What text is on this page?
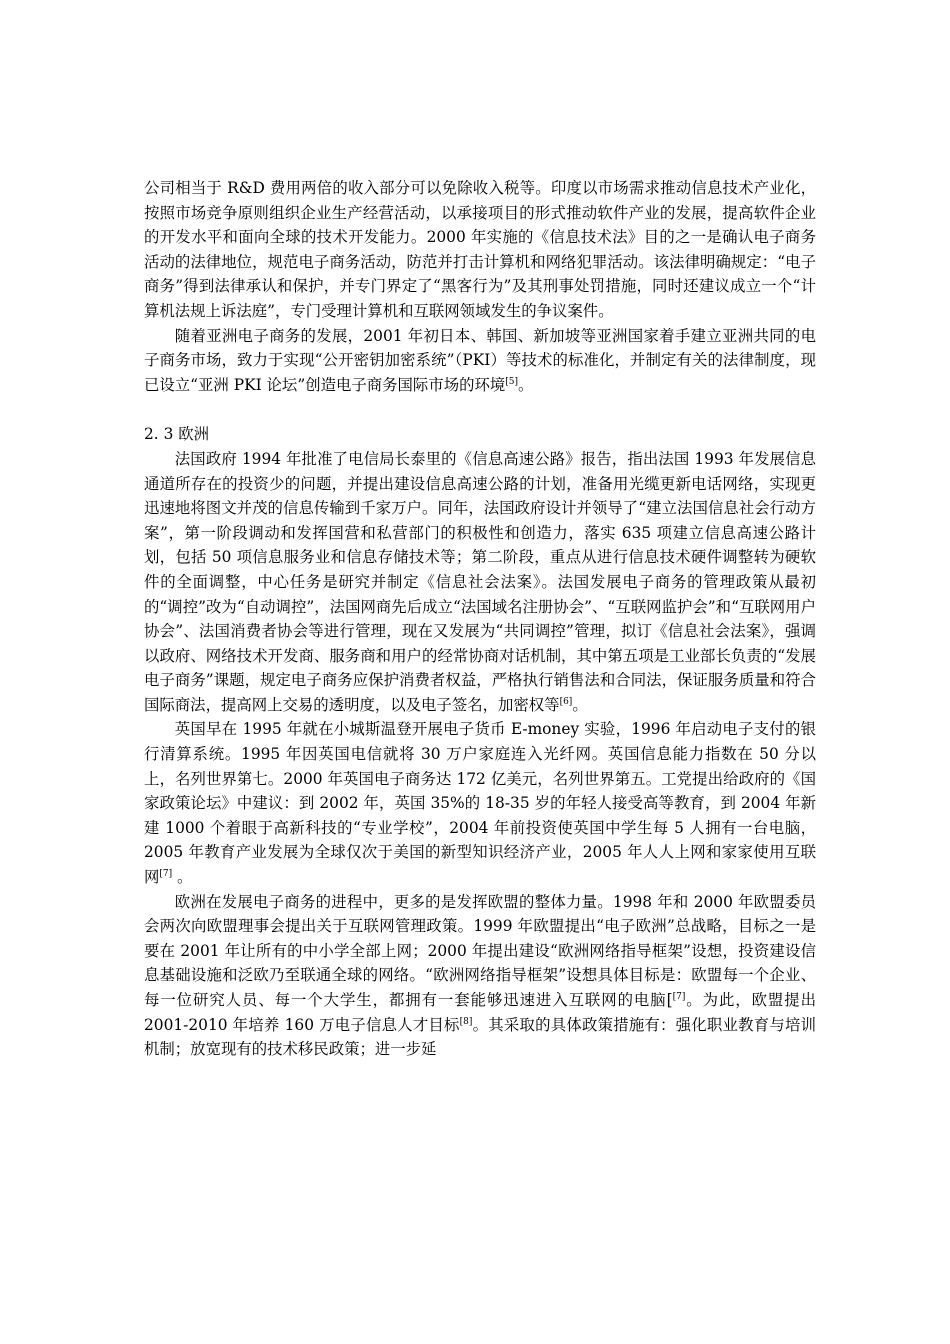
公司相当于 R&D 费用两倍的收入部分可以免除收入税等。印度以市场需求推动信息技术产业化，按照市场竞争原则组织企业生产经营活动，以承接项目的形式推动软件产业的发展，提高软件企业的开发水平和面向全球的技术开发能力。2000 年实施的《信息技术法》目的之一是确认电子商务活动的法律地位，规范电子商务活动，防范并打击计算机和网络犯罪活动。该法律明确规定：“电子商务”得到法律承认和保护，并专门界定了“黑客行为”及其刑事处罚措施，同时还建议成立一个“计算机法规上诉法庭”，专门受理计算机和互联网领域发生的争议案件。

随着亚洲电子商务的发展，2001 年初日本、韩国、新加坡等亚洲国家着手建立亚洲共同的电子商务市场，致力于实现“公开密钥加密系统”（PKI）等技术的标准化，并制定有关的法律制度，现已设立“亚洲 PKI 论坛”创造电子商务国际市场的环境[5]。

2. 3 欧洲

法国政府 1994 年批准了电信局长泰里的《信息高速公路》报告，指出法国 1993 年发展信息通道所存在的投资少的问题，并提出建设信息高速公路的计划，准备用光缆更新电话网络，实现更迅速地将图文并茂的信息传输到千家万户。同年，法国政府设计并领导了“建立法国信息社会行动方案”，第一阶段调动和发挥国营和私营部门的积极性和创造力，落实 635 项建立信息高速公路计划，包括 50 项信息服务业和信息存储技术等；第二阶段，重点从进行信息技术硬件调整转为硬软件的全面调整，中心任务是研究并制定《信息社会法案》。法国发展电子商务的管理政策从最初的“调控”改为“自动调控”，法国网商先后成立“法国域名注册协会”、“互联网监护会”和“互联网用户协会”、法国消费者协会等进行管理，现在又发展为“共同调控”管理，拟订《信息社会法案》，强调以政府、网络技术开发商、服务商和用户的经常协商对话机制，其中第五项是工业部长负责的“发展电子商务”课题，规定电子商务应保护消费者权益，严格执行销售法和合同法，保证服务质量和符合国际商法，提高网上交易的透明度，以及电子签名，加密权等[6]。

英国早在 1995 年就在小城斯温登开展电子货币 E-money 实验，1996 年启动电子支付的银行清算系统。1995 年因英国电信就将 30 万户家庭连入光纤网。英国信息能力指数在 50 分以上，名列世界第七。2000 年英国电子商务达 172 亿美元，名列世界第五。工党提出给政府的《国家政策论坛》中建议：到 2002 年，英国 35%的 18-35 岁的年轻人接受高等教育，到 2004 年新建 1000 个着眼于高新科技的“专业学校”，2004 年前投资使英国中学生每 5 人拥有一台电脑，2005 年教育产业发展为全球仅次于美国的新型知识经济产业，2005 年人人上网和家家使用互联网[7] 。

欧洲在发展电子商务的进程中，更多的是发挥欧盟的整体力量。1998 年和 2000 年欧盟委员会两次向欧盟理事会提出关于互联网管理政策。1999 年欧盟提出“电子欧洲”总战略，目标之一是要在 2001 年让所有的中小学全部上网；2000 年提出建设“欧洲网络指导框架”设想，投资建设信息基础设施和泛欧乃至联通全球的网络。“欧洲网络指导框架”设想具体目标是：欧盟每一个企业、每一位研究人员、每一个大学生，都拥有一套能够迅速进入互联网的电脑[[7]。为此，欧盟提出 2001-2010 年培养 160 万电子信息人才目标[8]。其采取的具体政策措施有：强化职业教育与培训机制；放宽现有的技术移民政策；进一步延
